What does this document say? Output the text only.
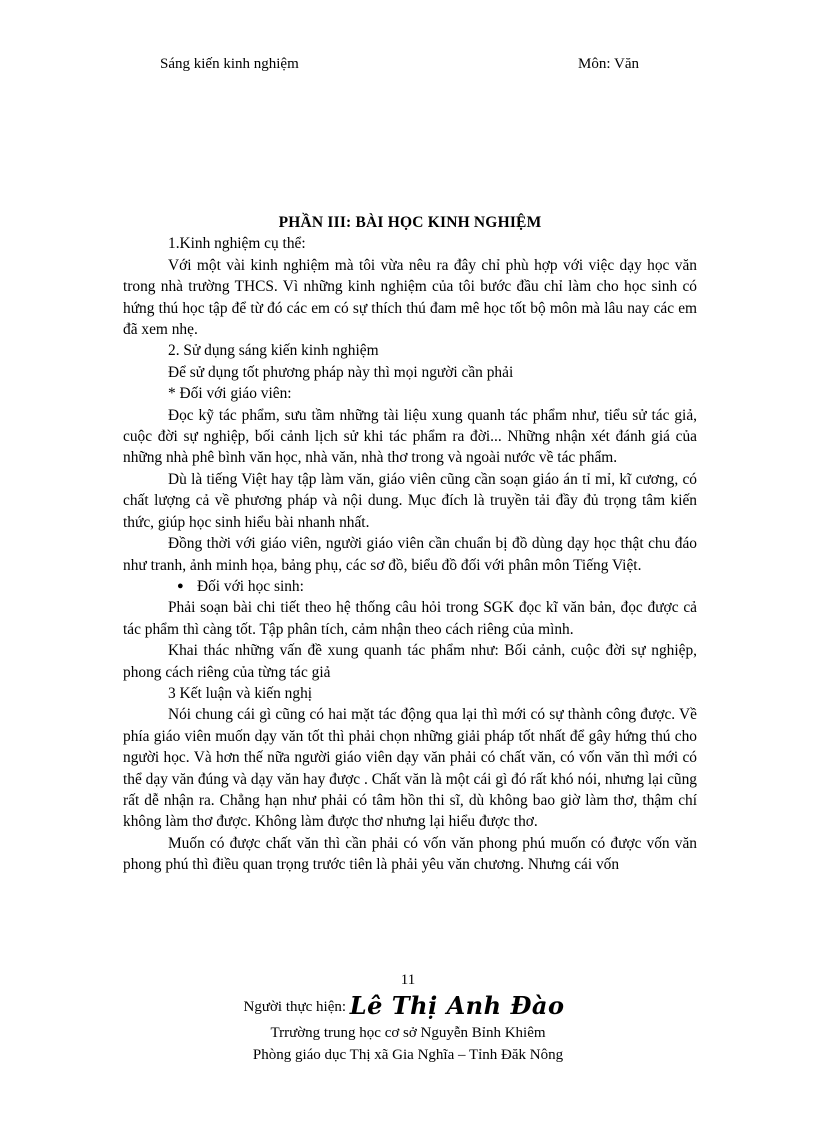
Sáng kiến kinh nghiệm	Môn: Văn

PHẦN III: BÀI HỌC KINH NGHIỆM

1.Kinh nghiệm cụ thể:

Với một vài kinh nghiệm mà tôi vừa nêu ra đây chỉ phù hợp với việc dạy học văn trong nhà trường THCS. Vì những kinh nghiệm của tôi bước đầu chỉ làm cho học sinh có hứng thú học tập để từ đó các em có sự thích thú đam mê học tốt bộ môn mà lâu nay các em đã xem nhẹ.

2. Sử dụng sáng kiến kinh nghiệm

Để sử dụng tốt phương pháp này thì mọi người cần phải

* Đối với giáo viên:

Đọc kỹ tác phẩm, sưu tầm những tài liệu xung quanh tác phẩm như, tiểu sử tác giả, cuộc đời sự nghiệp, bối cảnh lịch sử khi tác phẩm ra đời... Những nhận xét đánh giá của những nhà phê bình văn học, nhà văn, nhà thơ trong và ngoài nước về tác phẩm.

Dù là tiếng Việt hay tập làm văn, giáo viên cũng cần soạn giáo án tỉ mỉ, kĩ cương, có chất lượng cả về phương pháp và nội dung. Mục đích là truyền tải đầy đủ trọng tâm kiến thức, giúp học sinh hiểu bài nhanh nhất.

Đồng thời với giáo viên, người giáo viên cần chuẩn bị đồ dùng dạy học thật chu đáo như tranh, ảnh minh họa, bảng phụ, các sơ đồ, biểu đồ đối với phân môn Tiếng Việt.

● Đối với học sinh:

Phải soạn bài chi tiết theo hệ thống câu hỏi trong SGK đọc kĩ văn bản, đọc được cả tác phẩm thì càng tốt. Tập phân tích, cảm nhận theo cách riêng của mình.

Khai thác những vấn đề xung quanh tác phẩm như: Bối cảnh, cuộc đời sự nghiệp, phong cách riêng của từng tác giả

3 Kết luận và kiến nghị

Nói chung cái gì cũng có hai mặt tác động qua lại thì mới có sự thành công được. Về phía giáo viên muốn dạy văn tốt thì phải chọn những giải pháp tốt nhất để gây hứng thú cho người học. Và hơn thế nữa người giáo viên dạy văn phải có chất văn, có vốn văn thì mới có thể dạy văn đúng và dạy văn hay được . Chất văn là một cái gì đó rất khó nói, nhưng lại cũng rất dễ nhận ra. Chẳng hạn như phải có tâm hồn thi sĩ, dù không bao giờ làm thơ, thậm chí không làm thơ được. Không làm được thơ nhưng lại hiểu được thơ.

Muốn có được chất văn thì cần phải có vốn văn phong phú muốn có được vốn văn phong phú thì điều quan trọng trước tiên là phải yêu văn chương. Nhưng cái vốn

11
Người thực hiện: Lê Thị Anh Đào
Trrường trung học cơ sở Nguyễn Bỉnh Khiêm
Phòng giáo dục Thị xã Gia Nghĩa – Tỉnh Đăk Nông
